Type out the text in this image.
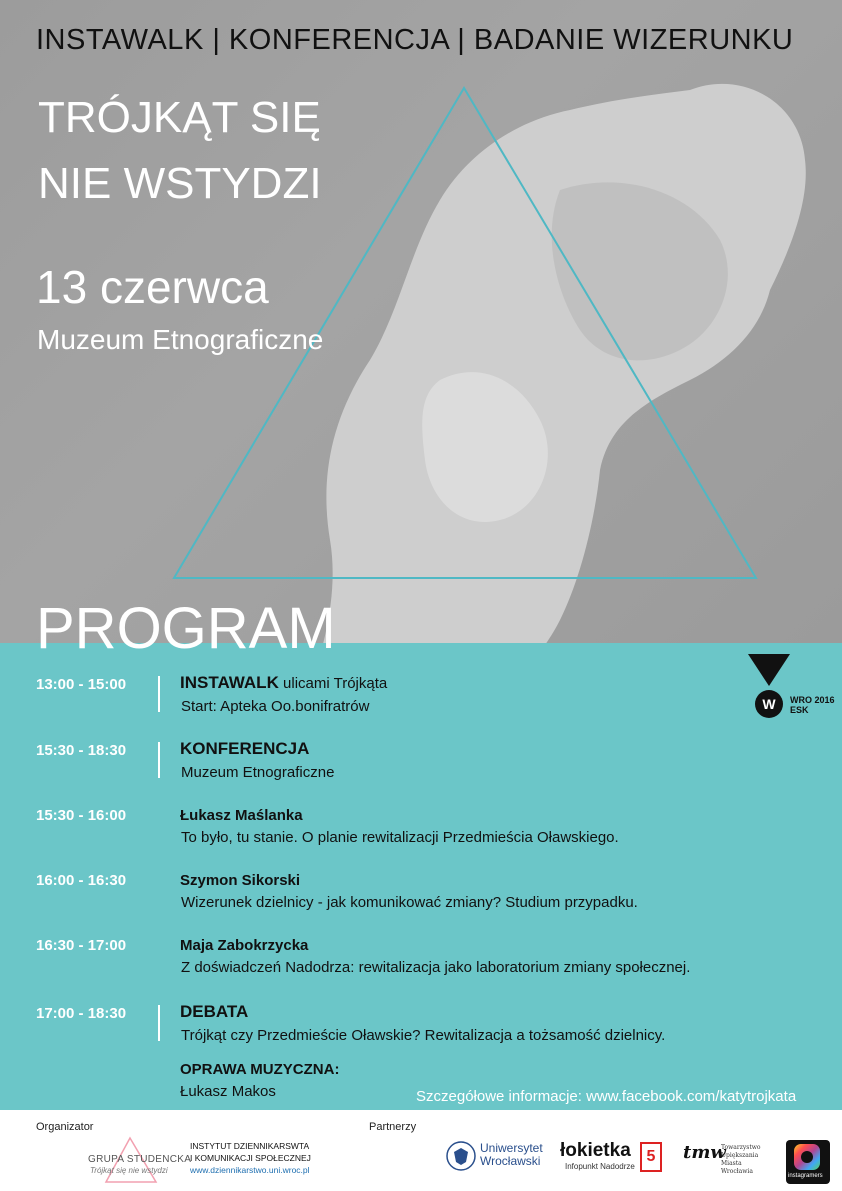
INSTAWALK | KONFERENCJA | BADANIE WIZERUNKU
TRÓJKĄT SIĘ
NIE WSTYDZI
13 czerwca
Muzeum Etnograficzne
PROGRAM
W WRO 2016
ESK
13:00 - 15:00	INSTAWALK ulicami Trójkąta
Start: Apteka Oo.bonifratrów
15:30 - 18:30	KONFERENCJA
Muzeum Etnograficzne
15:30 - 16:00	Łukasz Maślanka
To było, tu stanie. O planie rewitalizacji Przedmieścia Oławskiego.
16:00 - 16:30	Szymon Sikorski
Wizerunek dzielnicy - jak komunikować zmiany? Studium przypadku.
16:30 - 17:00	Maja Zabokrzycka
Z doświadczeń Nadodrza: rewitalizacja jako laboratorium zmiany społecznej.
17:00 - 18:30	DEBATA
Trójkąt czy Przedmieście Oławskie? Rewitalizacja a tożsamość dzielnicy.
OPRAWA MUZYCZNA:
Łukasz Makos	Szczegółowe informacje: www.facebook.com/katytrojkata
Organizator	Partnerzy
GRUPA STUDENCKA
Trójkąt się nie wstydzi
INSTYTUT DZIENNIKARSWTA
I KOMUNIKACJI SPOŁECZNEJ
www.dziennikarstwo.uni.wroc.pl
Uniwersytet
Wrocławski łokietka 5
Infopunkt Nadodrze
tmw
Towarzystwo
Upiększania
Miasta
Wrocławia
instagramers
